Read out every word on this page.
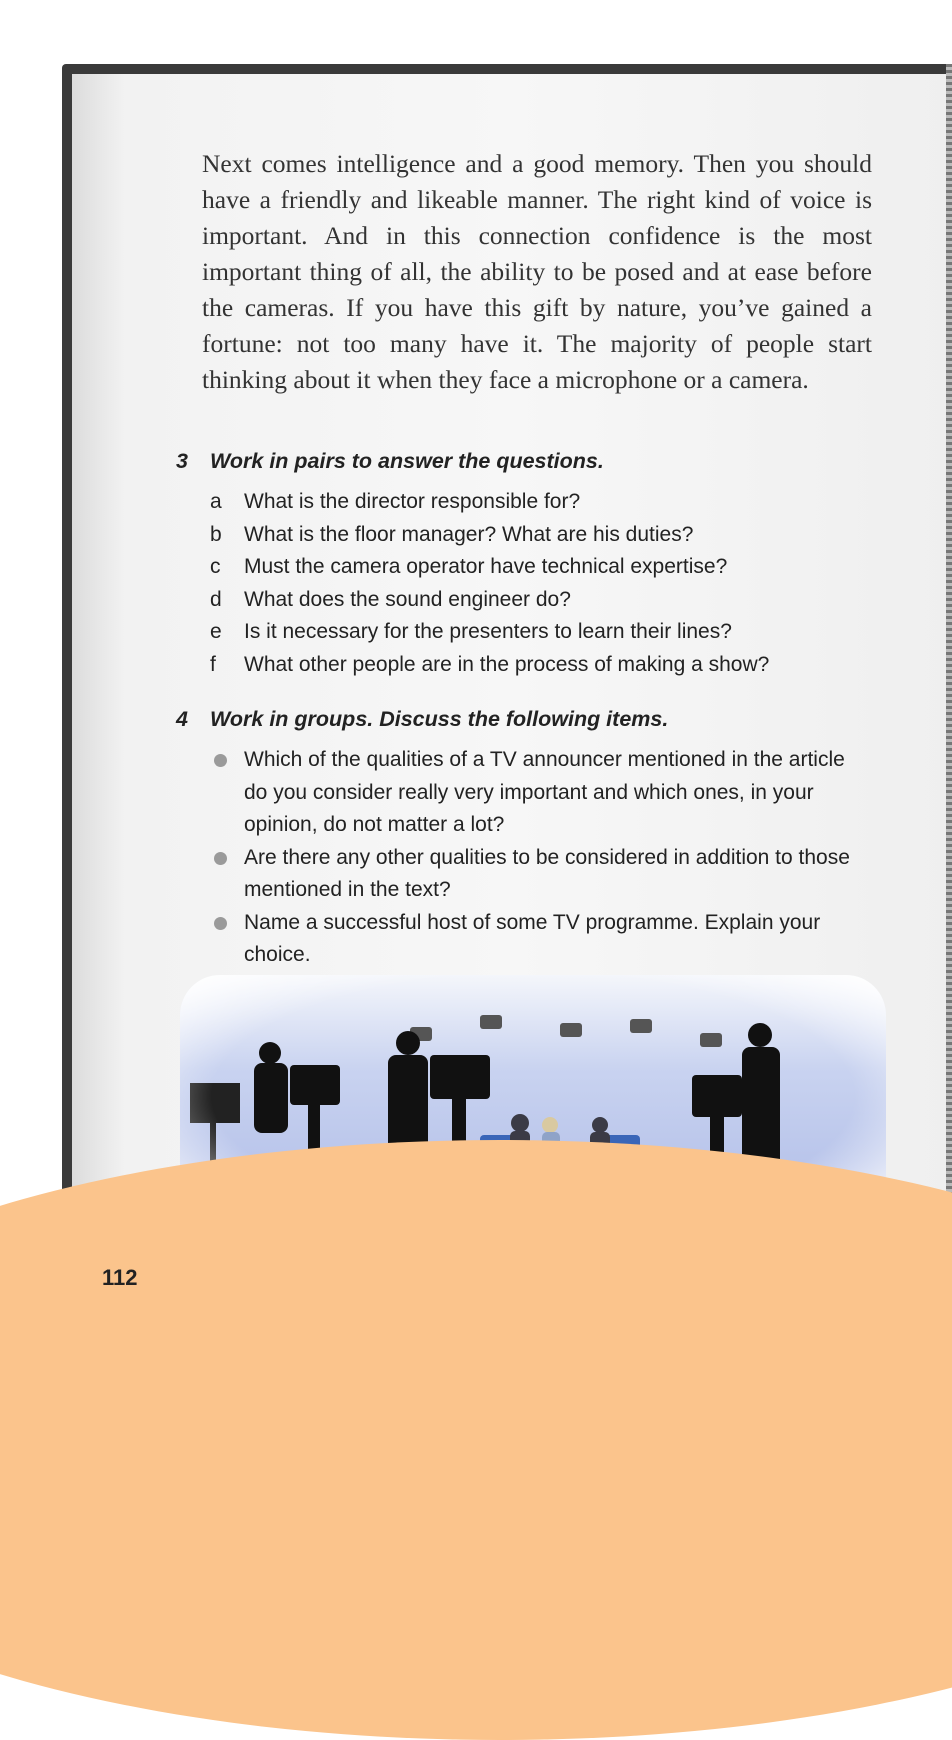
Next comes intelligence and a good memory. Then you should have a friendly and likeable manner. The right kind of voice is important. And in this connection confidence is the most important thing of all, the ability to be posed and at ease before the cameras. If you have this gift by nature, you’ve gained a fortune: not too many have it. The majority of people start thinking about it when they face a microphone or a camera.

3 Work in pairs to answer the questions.
a	What is the director responsible for?
b	What is the floor manager? What are his duties?
c	Must the camera operator have technical expertise?
d	What does the sound engineer do?
e	Is it necessary for the presenters to learn their lines?
f	What other people are in the process of making a show?
4 Work in groups. Discuss the following items.
Which of the qualities of a TV announcer mentioned in the article do you consider really very important and which ones, in your opinion, do not matter a lot?
Are there any other qualities to be considered in addition to those mentioned in the text?
Name a successful host of some TV programme. Explain your choice.
112
